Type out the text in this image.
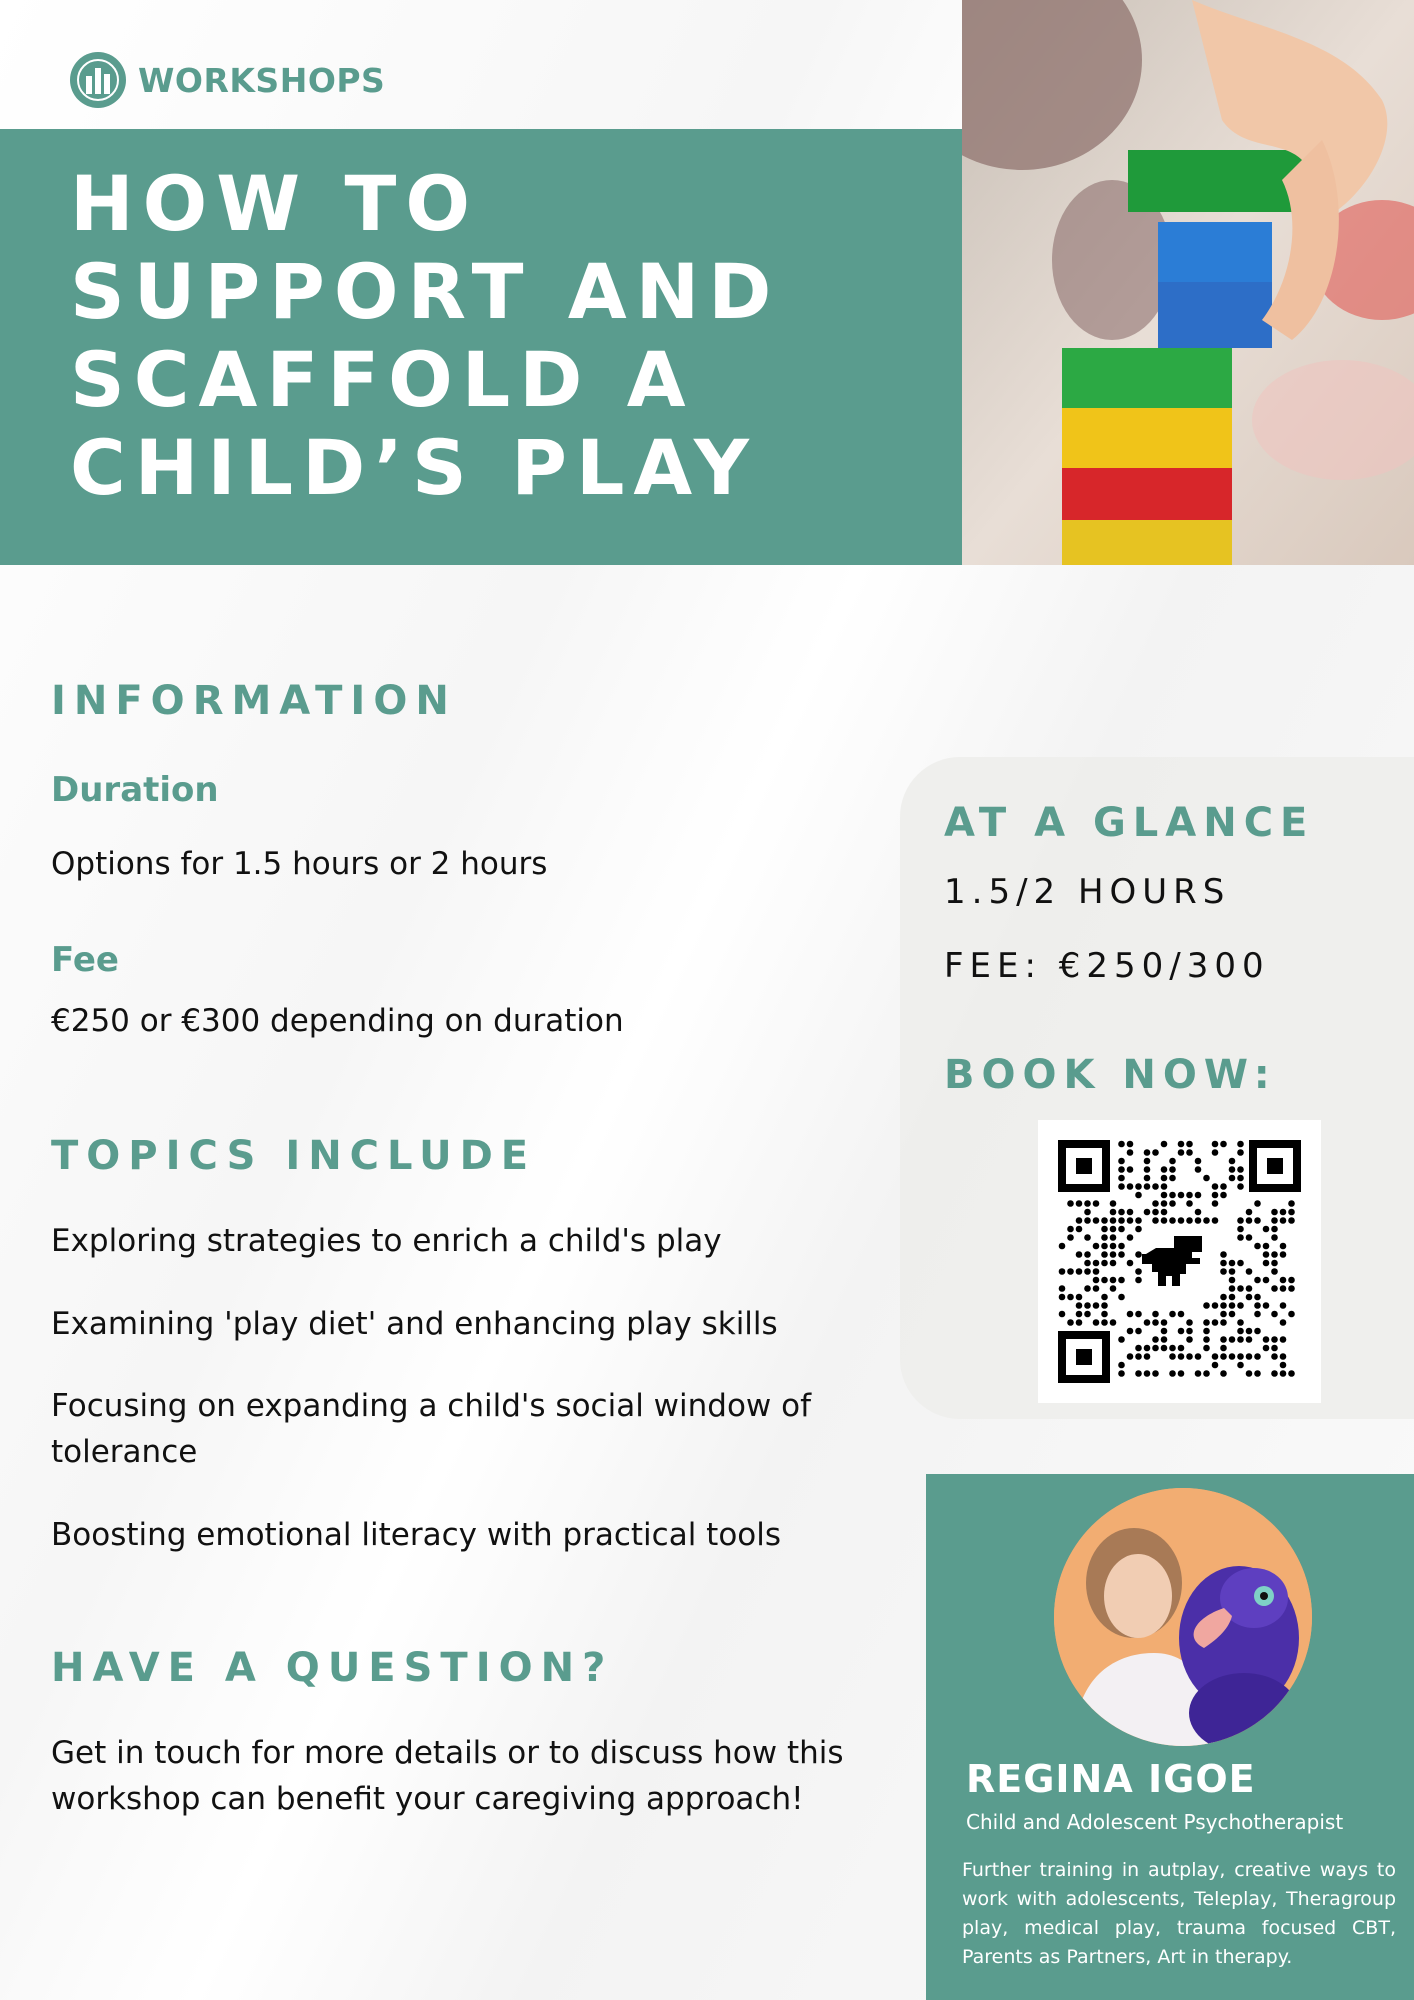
WORKSHOPS
HOW TO
SUPPORT AND
SCAFFOLD A
CHILD’S PLAY
INFORMATION
Duration

Options for 1.5 hours or 2 hours

Fee

€250 or €300 depending on duration

TOPICS INCLUDE

Exploring strategies to enrich a child's play

Examining 'play diet' and enhancing play skills

Focusing on expanding a child's social window of tolerance

Boosting emotional literacy with practical tools

HAVE A QUESTION?

Get in touch for more details or to discuss how this workshop can benefit your caregiving approach!

AT A GLANCE

1.5/2 HOURS

FEE: €250/300

BOOK NOW:
REGINA IGOE

Child and Adolescent Psychotherapist

Further training in autplay, creative ways to work with adolescents, Teleplay, Theragroup play, medical play, trauma focused CBT, Parents as Partners, Art in therapy.
